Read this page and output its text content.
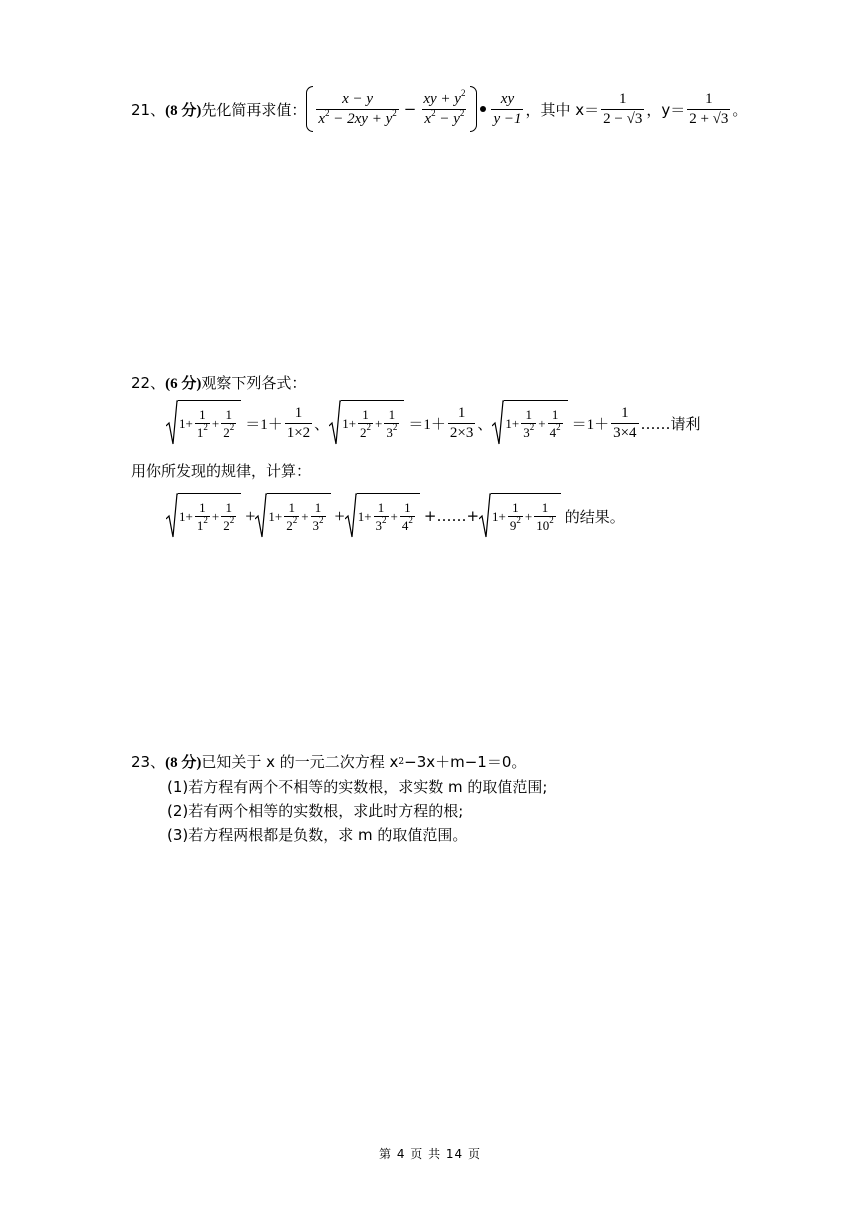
21、 (8 分) 先化简再求值： $\frac{x - y}{x^2 - 2xy + y^2} - \frac{xy + y^2}{x^2 - y^2} \frac{xy}{y -1}$ ，其中 $x= \frac{1}{2 - √3}$ ，$y= \frac{1}{2 + √3}$ 。
22、 (6 分) 观察下列各式：
$1+ \frac{1}{1^2} + \frac{1}{2^2} =1+ \frac{1}{1\times 2}$ 、 $1+ \frac{1}{2^2} + \frac{1}{3^2} =1+ \frac{1}{2\times 3}$ 、 $1+ \frac{1}{3^2} + \frac{1}{4^2} =1+ \frac{1}{3\times 4}$ ……请利
用你所发现的规律，计算：
$1+ \frac{1}{1^2} + \frac{1}{2^2} + 1+ \frac{1}{2^2} + \frac{1}{3^2} + 1+ \frac{1}{3^2} + \frac{1}{4^2}$ +……+ $1+ \frac{1}{9^2} + \frac{1}{10^2}$ 的结果。
23、 (8 分) 已知关于 x 的一元二次方程 x 2 −3x＋m−1＝0。
(1)若方程有两个不相等的实数根，求实数 m 的取值范围;
(2)若有两个相等的实数根，求此时方程的根;
(3)若方程两根都是负数，求 m 的取值范围。
第 4 页 共 14 页
